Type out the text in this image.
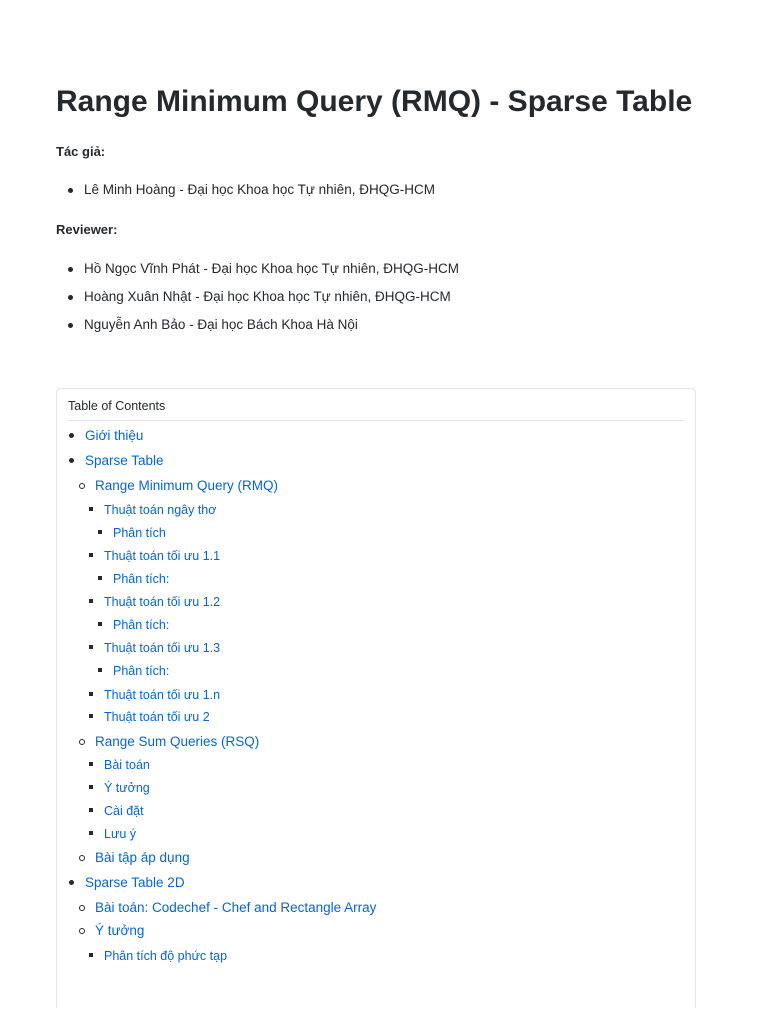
Range Minimum Query (RMQ) - Sparse Table

Tác giả:

Lê Minh Hoàng - Đại học Khoa học Tự nhiên, ĐHQG-HCM

Reviewer:

Hồ Ngọc Vĩnh Phát - Đại học Khoa học Tự nhiên, ĐHQG-HCM
Hoàng Xuân Nhật - Đại học Khoa học Tự nhiên, ĐHQG-HCM
Nguyễn Anh Bảo - Đại học Bách Khoa Hà Nội
Table of Contents
Giới thiệu
Sparse Table
Range Minimum Query (RMQ)
Thuật toán ngây thơ
Phân tích
Thuật toán tối ưu 1.1
Phân tích:
Thuật toán tối ưu 1.2
Phân tích:
Thuật toán tối ưu 1.3
Phân tích:
Thuật toán tối ưu 1.n
Thuật toán tối ưu 2
Range Sum Queries (RSQ)
Bài toán
Ý tưởng
Cài đặt
Lưu ý
Bài tập áp dụng
Sparse Table 2D
Bài toán: Codechef - Chef and Rectangle Array
Ý tưởng
Phân tích độ phức tạp
